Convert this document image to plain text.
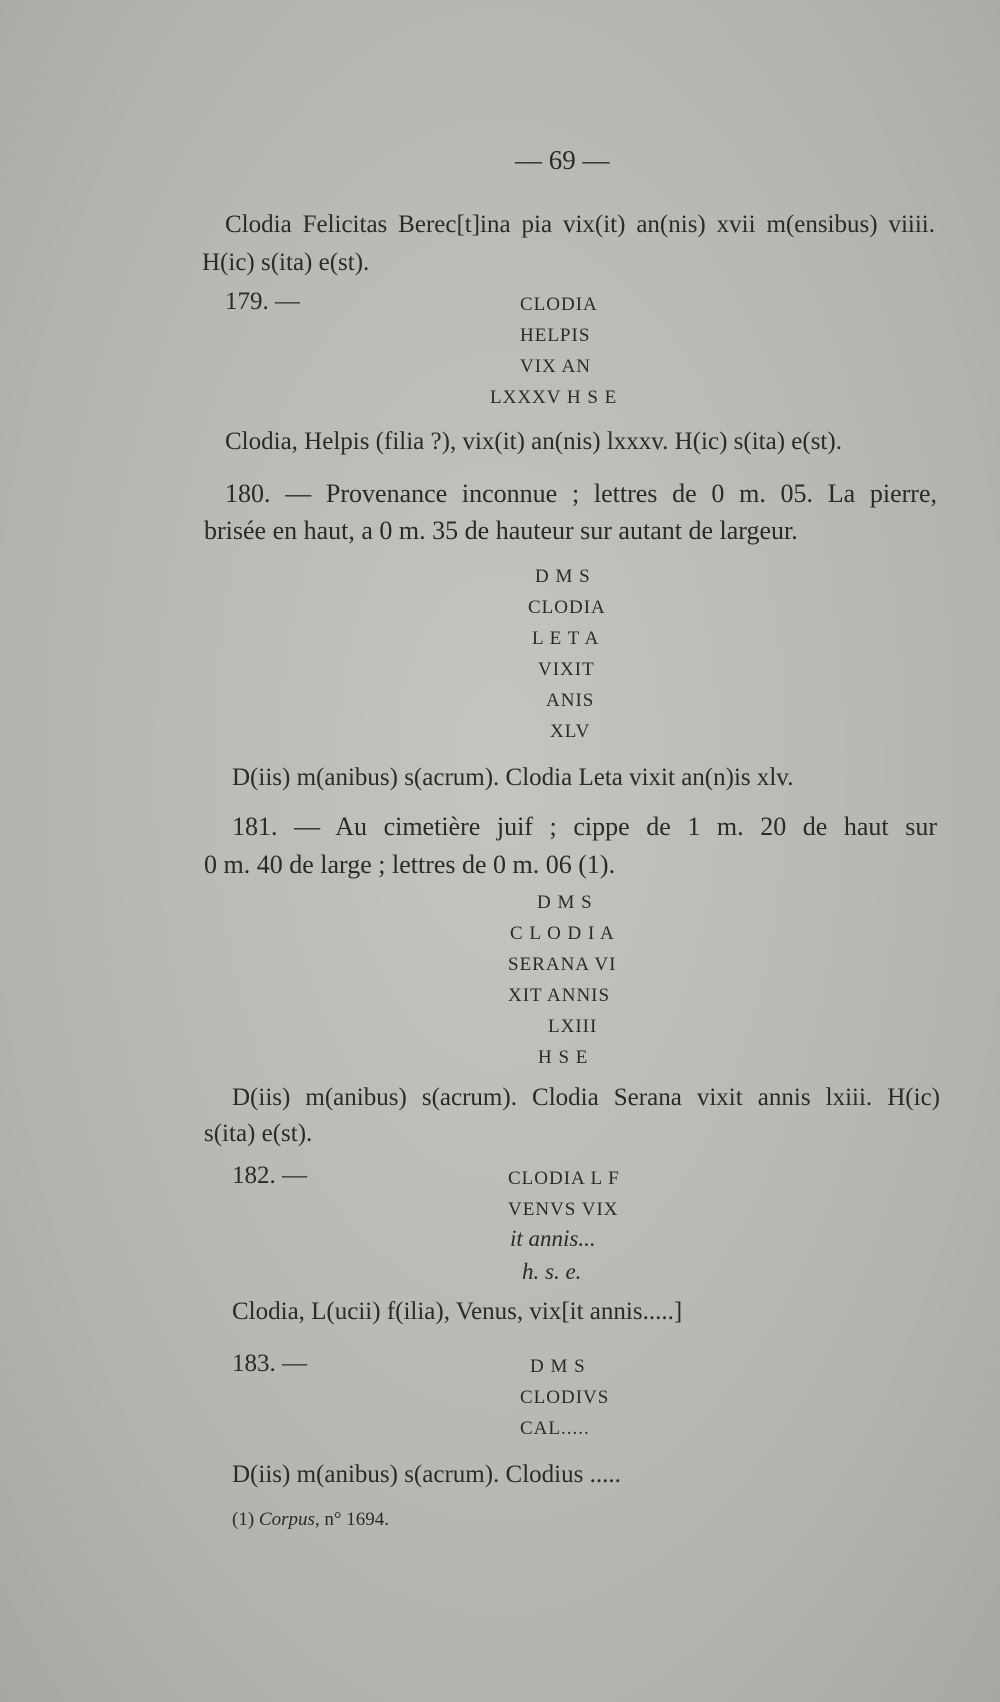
— 69 —
Clodia Felicitas Berec[t]ina pia vix(it) an(nis) xvii m(ensibus) viiii.
H(ic) s(ita) e(st).
179. —	CLODIA
HELPIS
VIX AN
LXXXV H S E
Clodia, Helpis (filia ?), vix(it) an(nis) lxxxv. H(ic) s(ita) e(st).
180. — Provenance inconnue ; lettres de 0 m. 05. La pierre,
brisée en haut, a 0 m. 35 de hauteur sur autant de largeur.
D M S
CLODIA
L E T A
VIXIT
ANIS
XLV
D(iis) m(anibus) s(acrum). Clodia Leta vixit an(n)is xlv.
181. — Au cimetière juif ; cippe de 1 m. 20 de haut sur
0 m. 40 de large ; lettres de 0 m. 06 (1).
D M S
C L O D I A
SERANA VI
XIT ANNIS
LXIII
H S E
D(iis) m(anibus) s(acrum). Clodia Serana vixit annis lxiii. H(ic)
s(ita) e(st).
182. —	CLODIA L F
VENVS VIX
it annis...
h. s. e.
Clodia, L(ucii) f(ilia), Venus, vix[it annis.....]
183. —	D M S
CLODIVS
CAL.....
D(iis) m(anibus) s(acrum). Clodius .....
(1) Corpus, n° 1694.
